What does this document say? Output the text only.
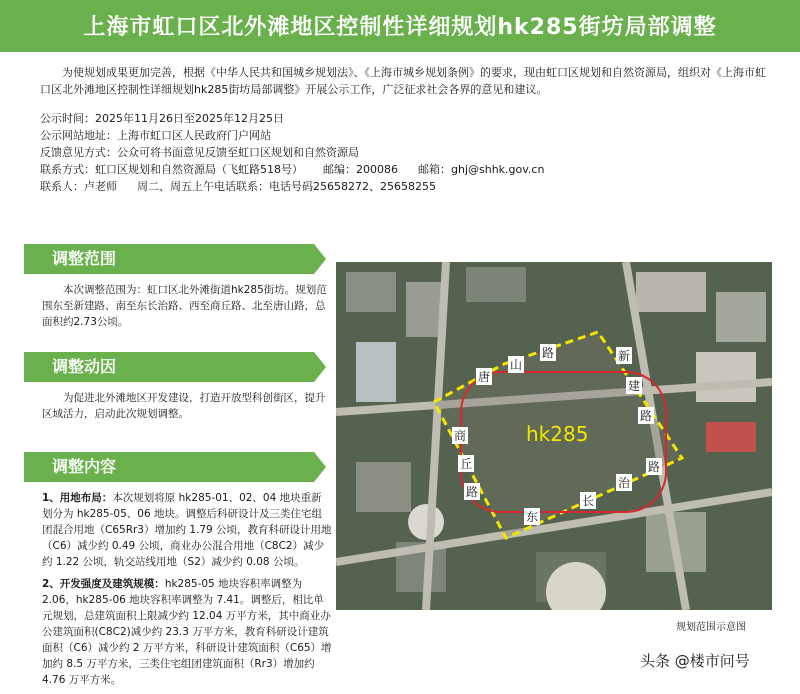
上海市虹口区北外滩地区控制性详细规划hk285街坊局部调整

为使规划成果更加完善，根据《中华人民共和国城乡规划法》、《上海市城乡规划条例》的要求，现由虹口区规划和自然资源局，组织对《上海市虹口区北外滩地区控制性详细规划hk285街坊局部调整》开展公示工作，广泛征求社会各界的意见和建议。

公示时间：2025年11月26日至2025年12月25日

公示网站地址：上海市虹口区人民政府门户网站

反馈意见方式：公众可将书面意见反馈至虹口区规划和自然资源局

联系方式：虹口区规划和自然资源局（飞虹路518号） 邮编：200086 邮箱：ghj@shhk.gov.cn
联系人：卢老师 周二、周五上午电话联系：电话号码25658272、25658255
调整范围

本次调整范围为：虹口区北外滩街道hk285街坊。规划范围东至新建路、南至东长治路、西至商丘路、北至唐山路，总面积约2.73公顷。

调整动因

为促进北外滩地区开发建设，打造开放型科创街区，提升区域活力，启动此次规划调整。

调整内容

1、用地布局：本次规划将原 hk285-01、02、04 地块重新划分为 hk285-05、06 地块。调整后科研设计及三类住宅组团混合用地（C65Rr3）增加约 1.79 公顷，教育科研设计用地（C6）减少约 0.49 公顷，商业办公混合用地（C8C2）减少约 1.22 公顷，轨交站线用地（S2）减少约 0.08 公顷。

2、开发强度及建筑规模：hk285-05 地块容积率调整为 2.06，hk285-06 地块容积率调整为 7.41。调整后，相比单元规划，总建筑面积上限减少约 12.04 万平方米，其中商业办公建筑面积(C8C2)减少约 23.3 万平方米，教育科研设计建筑面积（C6）减少约 2 万平方米，科研设计建筑面积（C65）增加约 8.5 万平方米，三类住宅组团建筑面积（Rr3）增加约 4.76 万平方米。

唐
山
路	新
建
路
路
治
长
东
商
丘
路
hk285
规划范围示意图
头条 @楼市问号
